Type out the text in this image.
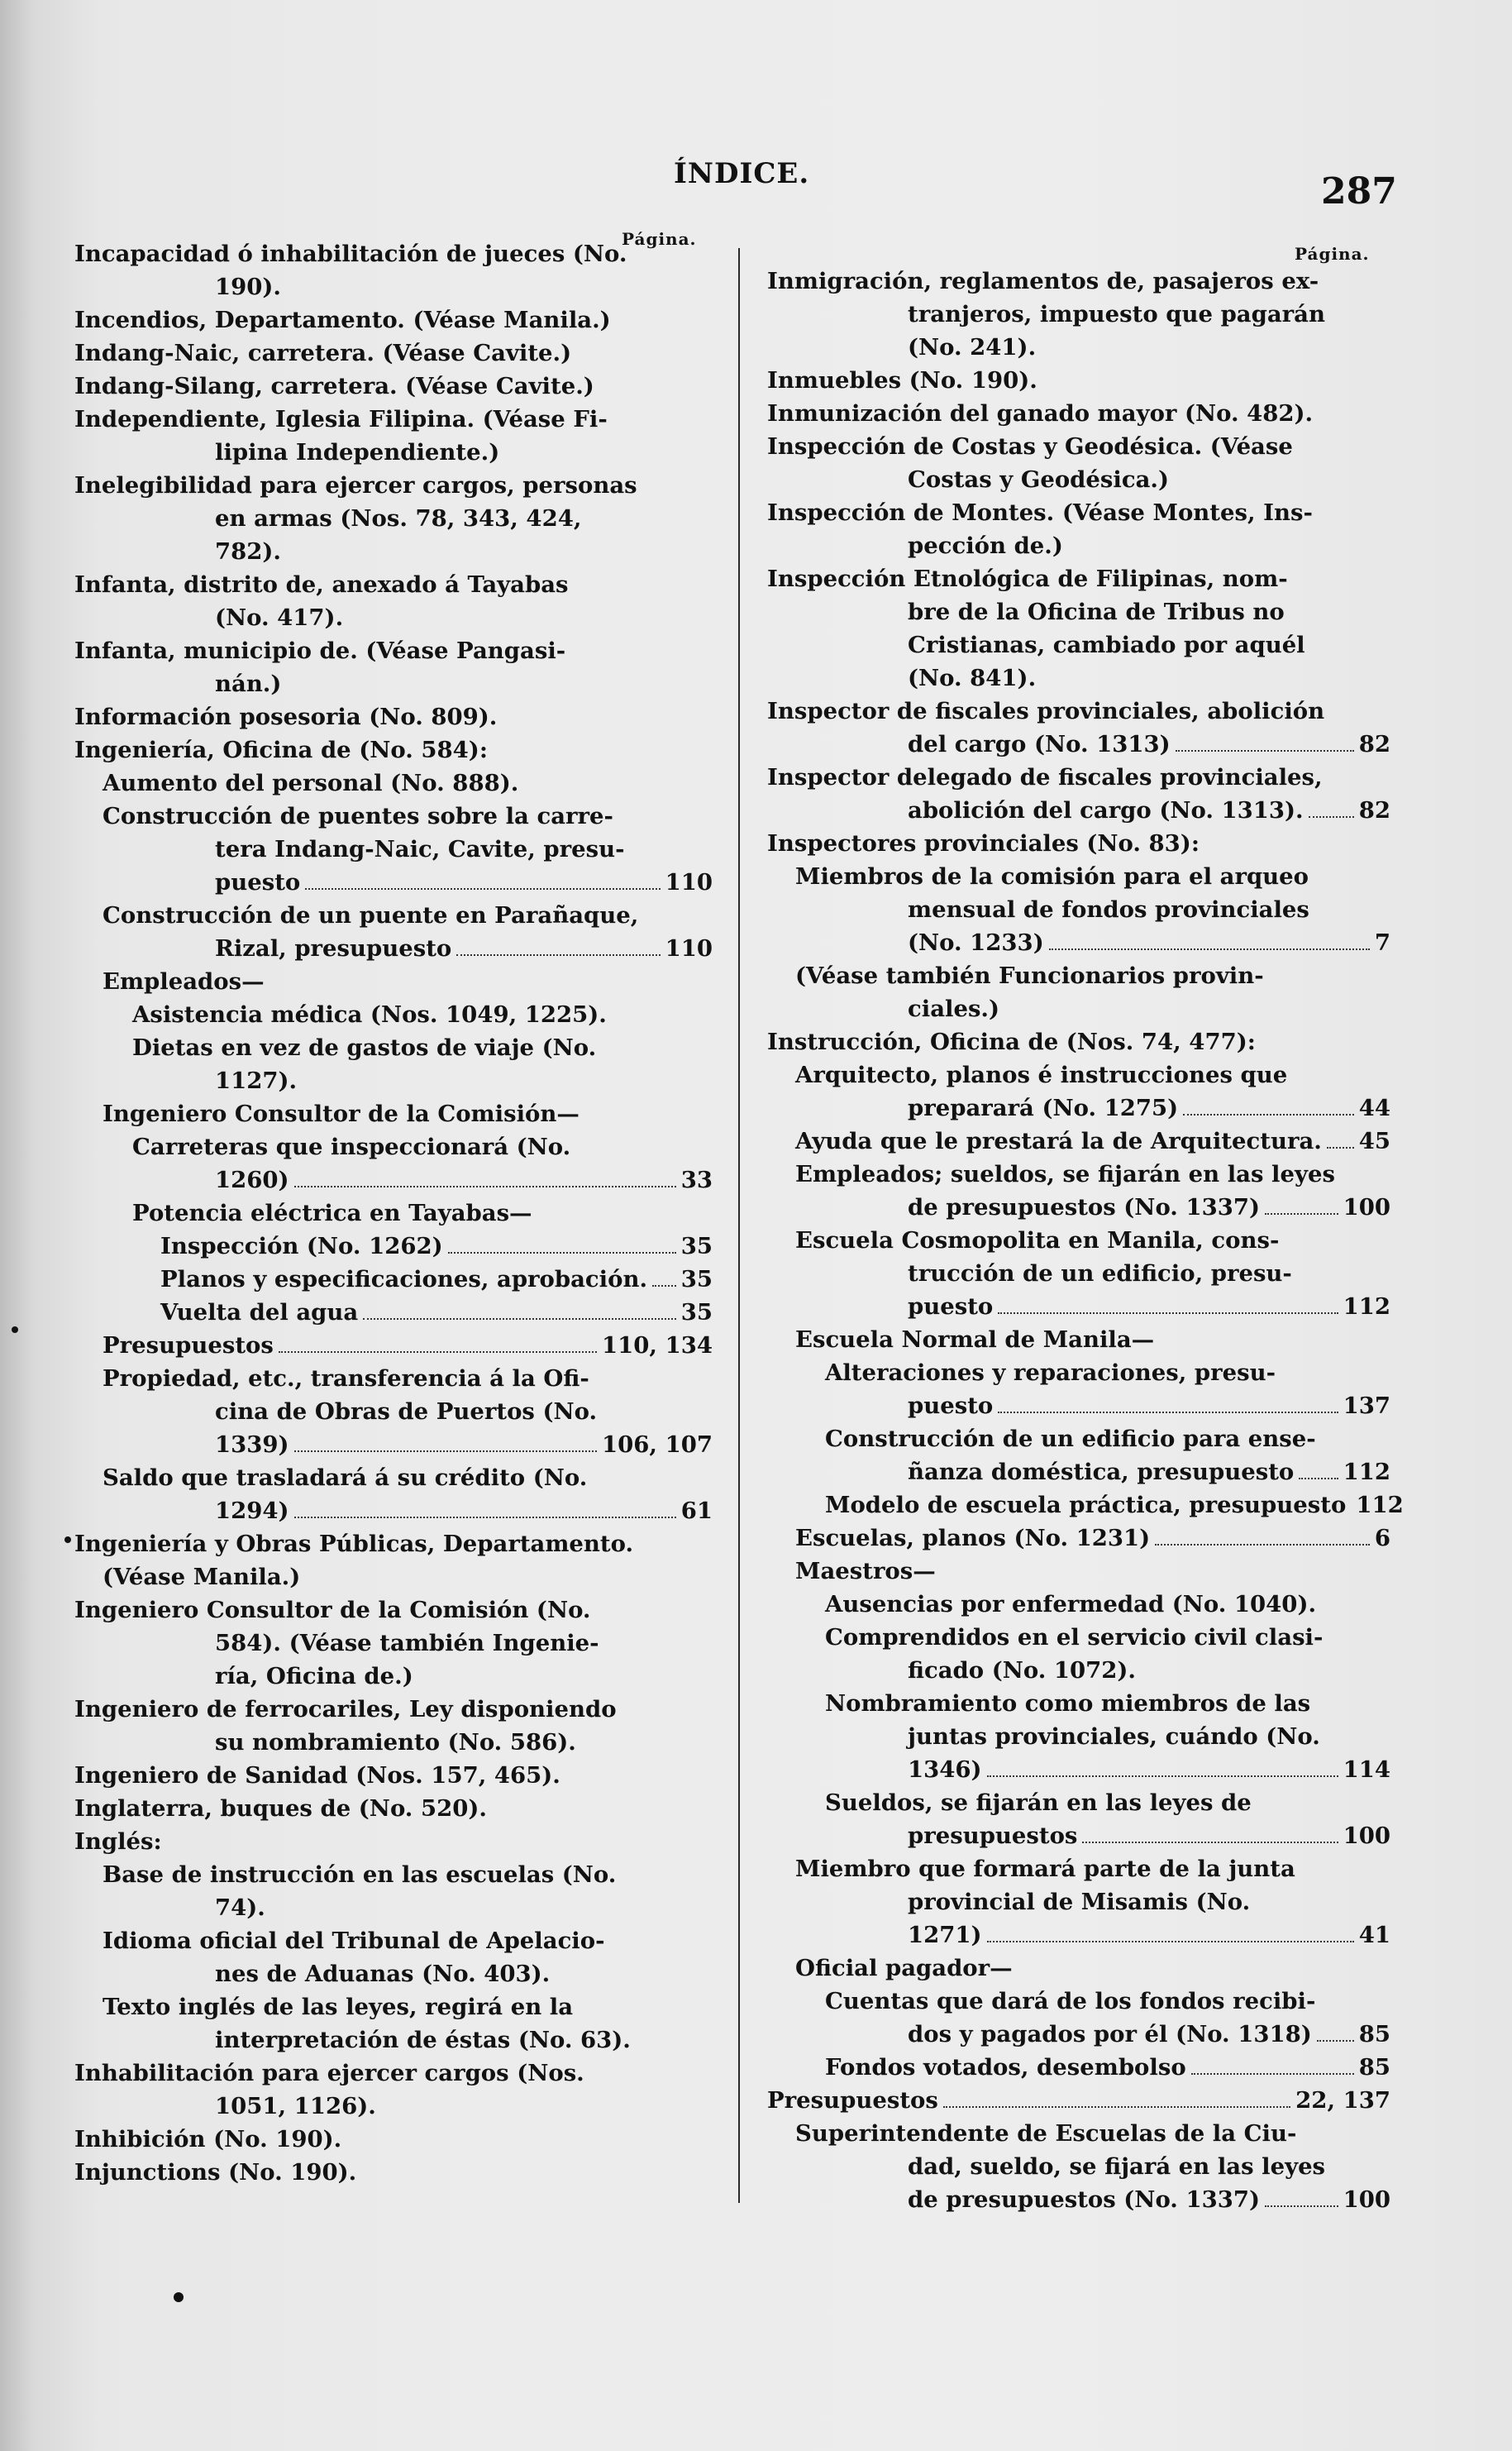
ÍNDICE.	287
Página.
Página.
Incapacidad ó inhabilitación de jueces (No.
190).
Incendios, Departamento. (Véase Manila.)
Indang-Naic, carretera. (Véase Cavite.)
Indang-Silang, carretera. (Véase Cavite.)
Independiente, Iglesia Filipina. (Véase Fi-
lipina Independiente.)
Inelegibilidad para ejercer cargos, personas
en armas (Nos. 78, 343, 424,
782).
Infanta, distrito de, anexado á Tayabas
(No. 417).
Infanta, municipio de. (Véase Pangasi-
nán.)
Información posesoria (No. 809).
Ingeniería, Oficina de (No. 584):
Aumento del personal (No. 888).
Construcción de puentes sobre la carre-
tera Indang-Naic, Cavite, presu-
puesto	110
Construcción de un puente en Parañaque,
Rizal, presupuesto	110
Empleados—
Asistencia médica (Nos. 1049, 1225).
Dietas en vez de gastos de viaje (No.
1127).
Ingeniero Consultor de la Comisión—
Carreteras que inspeccionará (No.
1260)	33
Potencia eléctrica en Tayabas—
Inspección (No. 1262)	35
Planos y especificaciones, aprobación. 35
Vuelta del agua	35
Presupuestos	110, 134
Propiedad, etc., transferencia á la Ofi-
cina de Obras de Puertos (No.
1339)	106, 107
Saldo que trasladará á su crédito (No.
1294)	61
Ingeniería y Obras Públicas, Departamento.
(Véase Manila.)
Ingeniero Consultor de la Comisión (No.
584). (Véase también Ingenie-
ría, Oficina de.)
Ingeniero de ferrocariles, Ley disponiendo
su nombramiento (No. 586).
Ingeniero de Sanidad (Nos. 157, 465).
Inglaterra, buques de (No. 520).
Inglés:
Base de instrucción en las escuelas (No.
74).
Idioma oficial del Tribunal de Apelacio-
nes de Aduanas (No. 403).
Texto inglés de las leyes, regirá en la
interpretación de éstas (No. 63).
Inhabilitación para ejercer cargos (Nos.
1051, 1126).
Inhibición (No. 190).
Injunctions (No. 190).
Inmigración, reglamentos de, pasajeros ex-
tranjeros, impuesto que pagarán
(No. 241).
Inmuebles (No. 190).
Inmunización del ganado mayor (No. 482).
Inspección de Costas y Geodésica. (Véase
Costas y Geodésica.)
Inspección de Montes. (Véase Montes, Ins-
pección de.)
Inspección Etnológica de Filipinas, nom-
bre de la Oficina de Tribus no
Cristianas, cambiado por aquél
(No. 841).
Inspector de fiscales provinciales, abolición
del cargo (No. 1313)	82
Inspector delegado de fiscales provinciales,
abolición del cargo (No. 1313). 82
Inspectores provinciales (No. 83):
Miembros de la comisión para el arqueo
mensual de fondos provinciales
(No. 1233)	7
(Véase también Funcionarios provin-
ciales.)
Instrucción, Oficina de (Nos. 74, 477):
Arquitecto, planos é instrucciones que
preparará (No. 1275)	44
Ayuda que le prestará la de Arquitectura. 45
Empleados; sueldos, se fijarán en las leyes
de presupuestos (No. 1337)	100
Escuela Cosmopolita en Manila, cons-
trucción de un edificio, presu-
puesto	112
Escuela Normal de Manila—
Alteraciones y reparaciones, presu-
puesto	137
Construcción de un edificio para ense-
ñanza doméstica, presupuesto 112
Modelo de escuela práctica, presupuesto 112
Escuelas, planos (No. 1231)	6
Maestros—
Ausencias por enfermedad (No. 1040).
Comprendidos en el servicio civil clasi-
ficado (No. 1072).
Nombramiento como miembros de las
juntas provinciales, cuándo (No.
1346)	114
Sueldos, se fijarán en las leyes de
presupuestos	100
Miembro que formará parte de la junta
provincial de Misamis (No.
1271)	41
Oficial pagador—
Cuentas que dará de los fondos recibi-
dos y pagados por él (No. 1318) 85
Fondos votados, desembolso	85
Presupuestos	22, 137
Superintendente de Escuelas de la Ciu-
dad, sueldo, se fijará en las leyes
de presupuestos (No. 1337)	100
